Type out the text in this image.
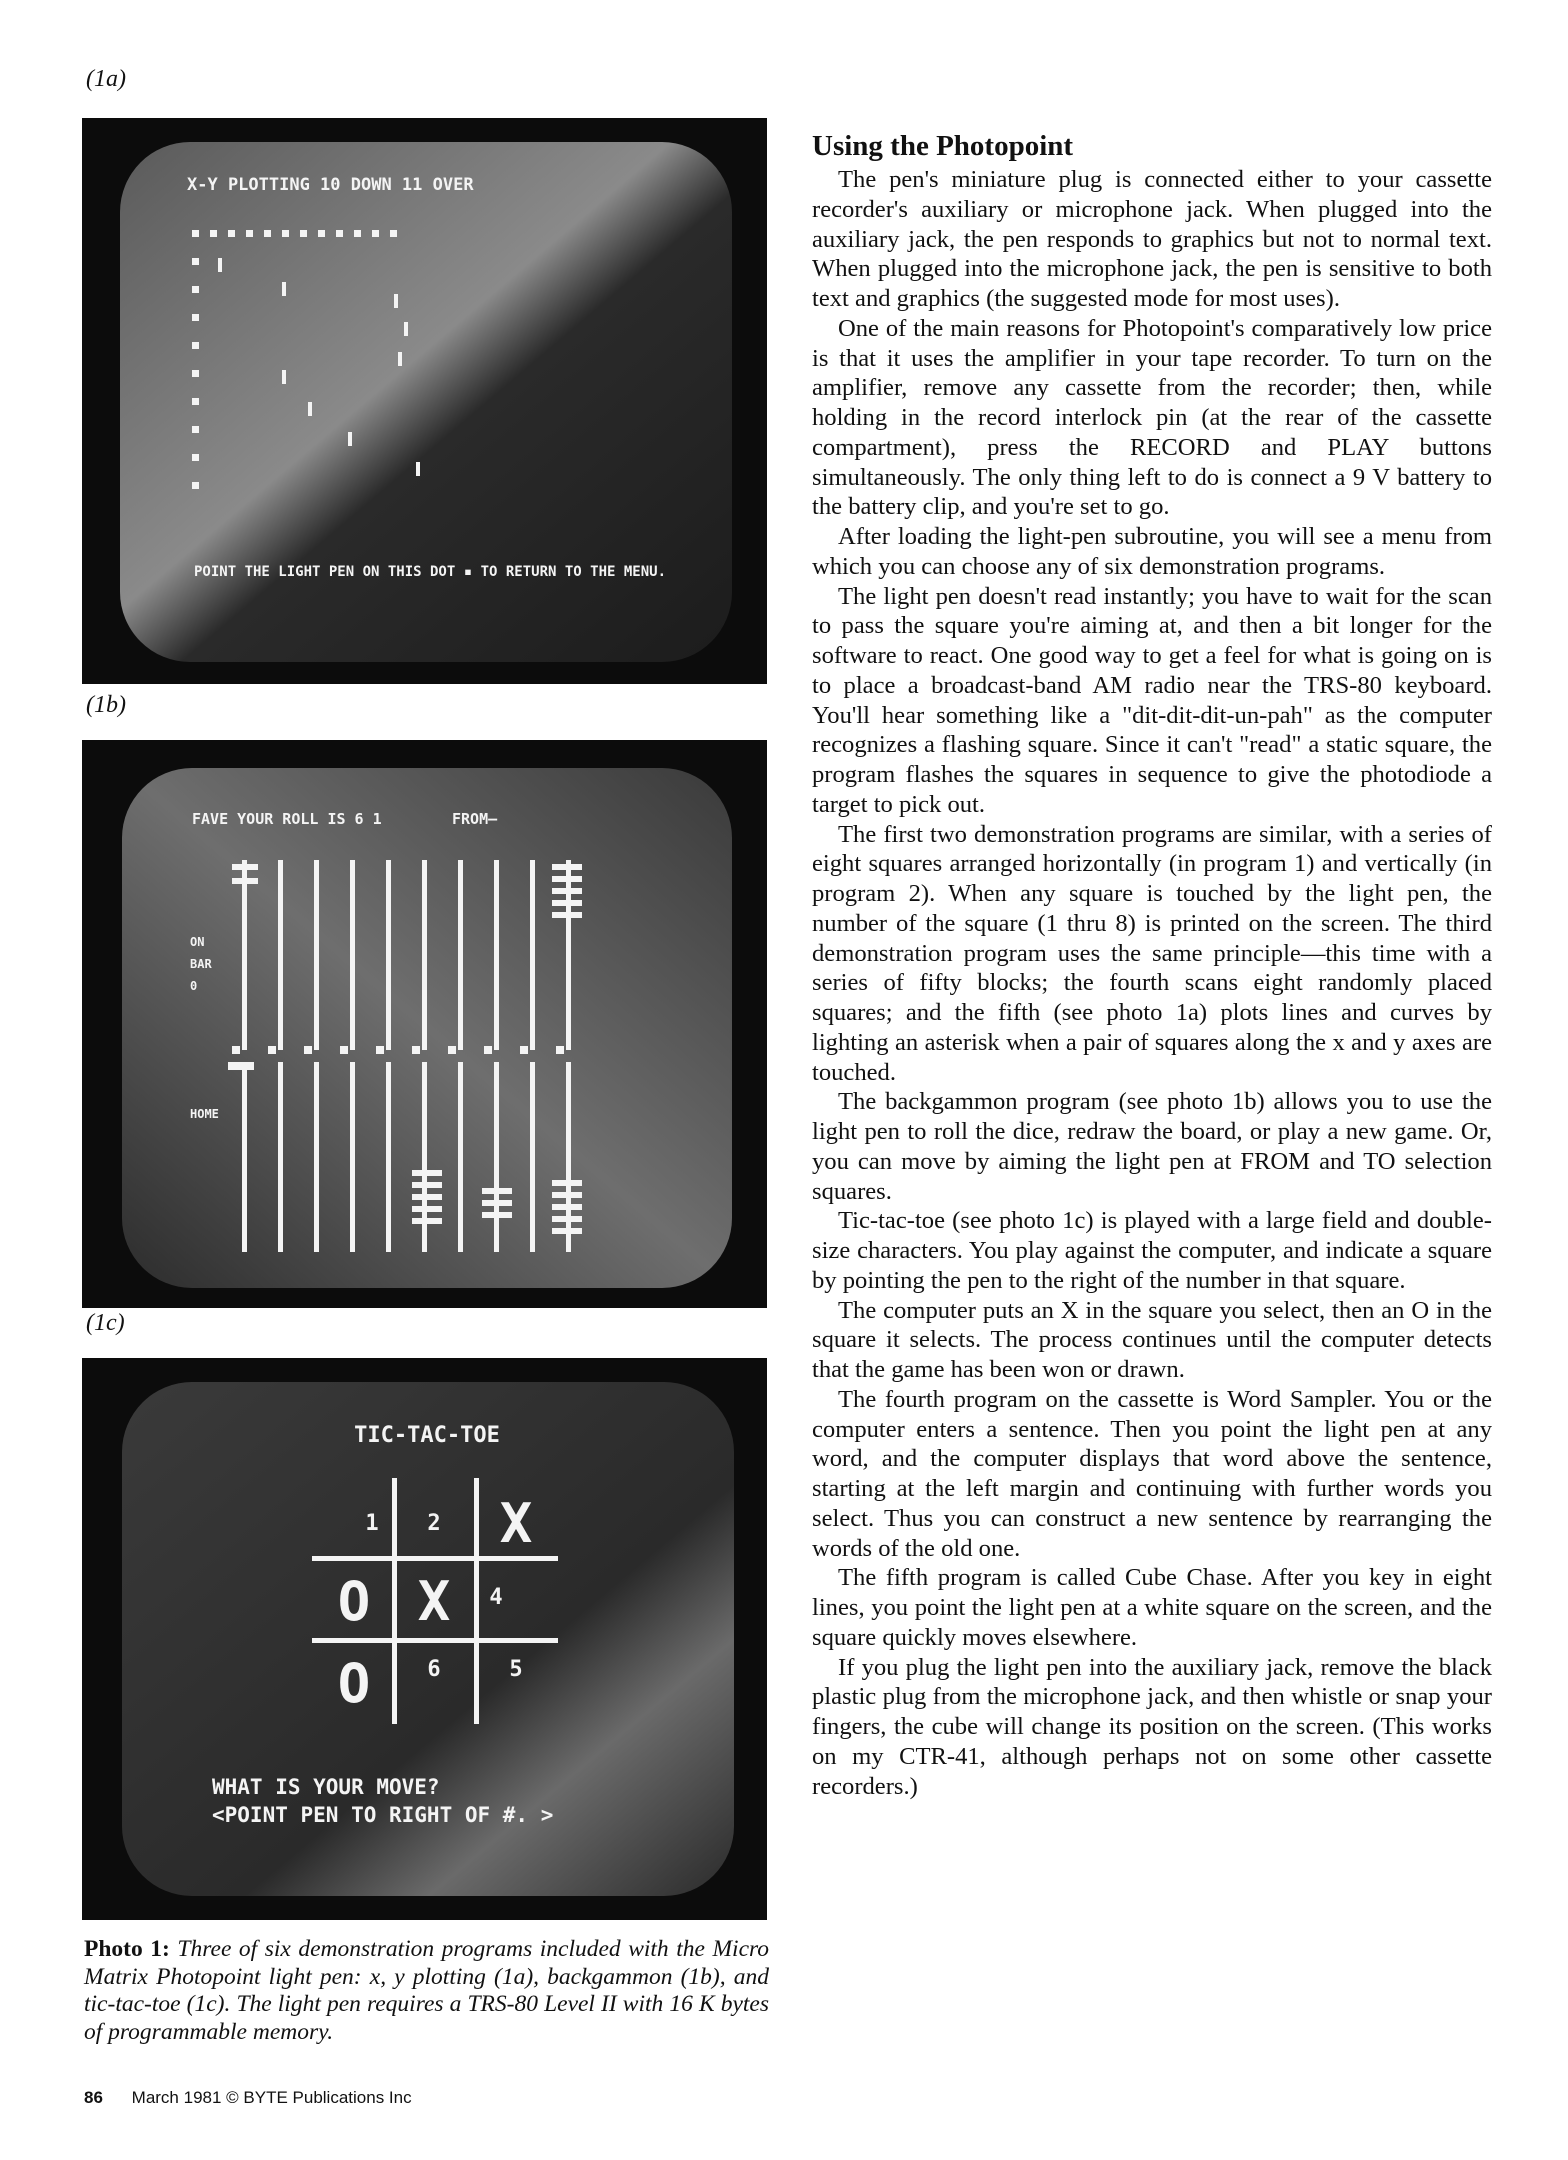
(1a)
(1b)
(1c)
X-Y PLOTTING 10 DOWN 11 OVER
POINT THE LIGHT PEN ON THIS DOT ▪ TO RETURN TO THE MENU.
FAVE YOUR ROLL IS 6 1	FROM—
ON
BAR
0
HOME
TIC-TAC-TOE
1 2 X
O X 4
O	6	5
WHAT IS YOUR MOVE?
<POINT PEN TO RIGHT OF #. >
Photo 1: Three of six demonstration programs included with the Micro Matrix Photopoint light pen: x, y plotting (1a), backgammon (1b), and tic-tac-toe (1c). The light pen requires a TRS-80 Level II with 16 K bytes of programmable memory.
Using the Photopoint

The pen's miniature plug is connected either to your cassette recorder's auxiliary or microphone jack. When plugged into the auxiliary jack, the pen responds to graphics but not to normal text. When plugged into the microphone jack, the pen is sensitive to both text and graphics (the suggested mode for most uses).

One of the main reasons for Photopoint's comparatively low price is that it uses the amplifier in your tape recorder. To turn on the amplifier, remove any cassette from the recorder; then, while holding in the record interlock pin (at the rear of the cassette compartment), press the RECORD and PLAY buttons simultaneously. The only thing left to do is connect a 9 V battery to the battery clip, and you're set to go.

After loading the light-pen subroutine, you will see a menu from which you can choose any of six demonstration programs.

The light pen doesn't read instantly; you have to wait for the scan to pass the square you're aiming at, and then a bit longer for the software to react. One good way to get a feel for what is going on is to place a broadcast-band AM radio near the TRS-80 keyboard. You'll hear something like a "dit-dit-dit-un-pah" as the computer recognizes a flashing square. Since it can't "read" a static square, the program flashes the squares in sequence to give the photodiode a target to pick out.

The first two demonstration programs are similar, with a series of eight squares arranged horizontally (in program 1) and vertically (in program 2). When any square is touched by the light pen, the number of the square (1 thru 8) is printed on the screen. The third demonstration program uses the same principle—this time with a series of fifty blocks; the fourth scans eight randomly placed squares; and the fifth (see photo 1a) plots lines and curves by lighting an asterisk when a pair of squares along the x and y axes are touched.

The backgammon program (see photo 1b) allows you to use the light pen to roll the dice, redraw the board, or play a new game. Or, you can move by aiming the light pen at FROM and TO selection squares.

Tic-tac-toe (see photo 1c) is played with a large field and double-size characters. You play against the computer, and indicate a square by pointing the pen to the right of the number in that square.

The computer puts an X in the square you select, then an O in the square it selects. The process continues until the computer detects that the game has been won or drawn.

The fourth program on the cassette is Word Sampler. You or the computer enters a sentence. Then you point the light pen at any word, and the computer displays that word above the sentence, starting at the left margin and continuing with further words you select. Thus you can construct a new sentence by rearranging the words of the old one.

The fifth program is called Cube Chase. After you key in eight lines, you point the light pen at a white square on the screen, and the square quickly moves elsewhere.

If you plug the light pen into the auxiliary jack, remove the black plastic plug from the microphone jack, and then whistle or snap your fingers, the cube will change its position on the screen. (This works on my CTR-41, although perhaps not on some other cassette recorders.)

86 March 1981 © BYTE Publications Inc
